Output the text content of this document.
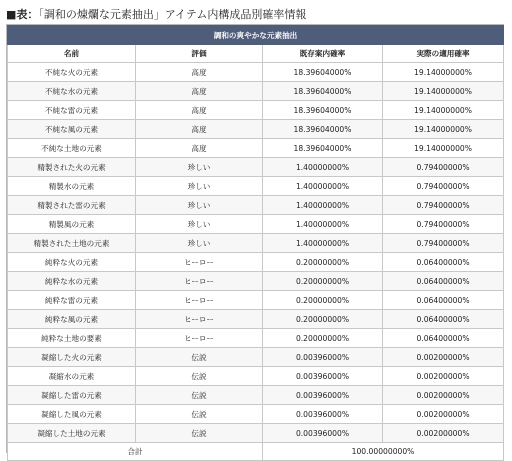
■表：「調和の煉爛な元素抽出」アイテム内構成品別確率情報
調和の爽やかな元素抽出			
名前	評価	既存案内確率	実際の適用確率
不純な火の元素	高度	18.39604000%	19.14000000%
不純な水の元素	高度	18.39604000%	19.14000000%
不純な雷の元素	高度	18.39604000%	19.14000000%
不純な風の元素	高度	18.39604000%	19.14000000%
不純な土地の元素	高度	18.39604000%	19.14000000%
精製された火の元素	珍しい	1.40000000%	0.79400000%
精製水の元素	珍しい	1.40000000%	0.79400000%
精製された雷の元素	珍しい	1.40000000%	0.79400000%
精製風の元素	珍しい	1.40000000%	0.79400000%
精製された土地の元素	珍しい	1.40000000%	0.79400000%
純粋な火の元素	ヒーロー	0.20000000%	0.06400000%
純粋な水の元素	ヒーロー	0.20000000%	0.06400000%
純粋な雷の元素	ヒーロー	0.20000000%	0.06400000%
純粋な風の元素	ヒーロー	0.20000000%	0.06400000%
純粋な土地の要素	ヒーロー	0.20000000%	0.06400000%
凝縮した火の元素	伝説	0.00396000%	0.00200000%
凝縮水の元素	伝説	0.00396000%	0.00200000%
凝縮した雷の元素	伝説	0.00396000%	0.00200000%
凝縮した風の元素	伝説	0.00396000%	0.00200000%
凝縮した土地の元素	伝説	0.00396000%	0.00200000%
合計		100.00000000%	
